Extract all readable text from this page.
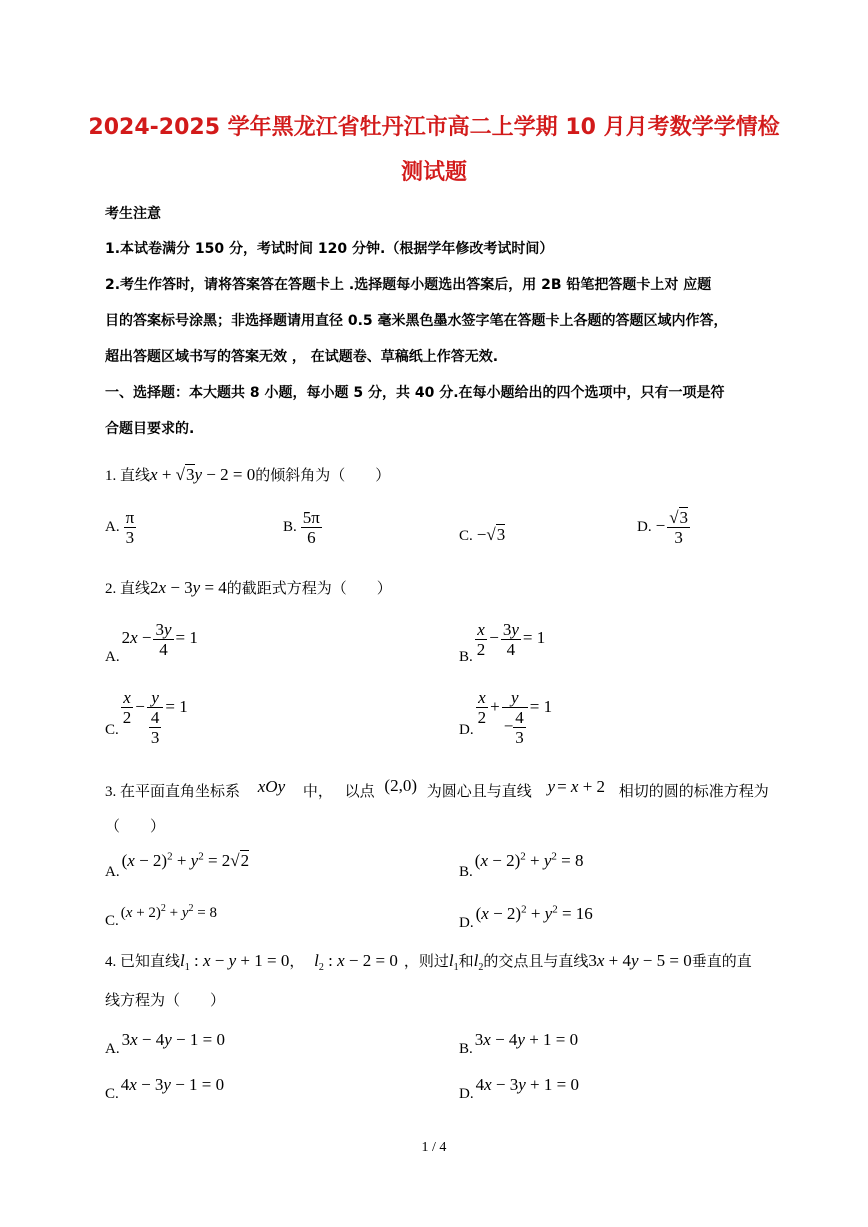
2024-2025 学年黑龙江省牡丹江市高二上学期 10 月月考数学学情检
测试题
考生注意
1.本试卷满分 150 分，考试时间 120 分钟.（根据学年修改考试时间）
2.考生作答时，请将答案答在答题卡上 .选择题每小题选出答案后，用 2B 铅笔把答题卡上对 应题
目的答案标号涂黑；非选择题请用直径 0.5 毫米黑色墨水签字笔在答题卡上各题的答题区域内作答，
超出答题区域书写的答案无效 ， 在试题卷、草稿纸上作答无效.
一、选择题：本大题共 8 小题，每小题 5 分，共 40 分.在每小题给出的四个选项中，只有一项是符
合题目要求的.
1. 直线x + √3y − 2 = 0的倾斜角为（　　）
A. $\frac{\pi}{3}$	B. $\frac{5\pi}{6}$	C. −√3	D. − $\frac{√3}{3}$
2. 直线2x − 3y = 4的截距式方程为（　　）
$A.2x - \frac{3y}{4} = 1$
B. $\frac{x}{2} - \frac{3y}{4} = 1$
C.
$\frac{x}{2} - \frac{y}{\frac{4}{3}} = 1$
D.
$\frac{x}{2} + \frac{y}{- \frac{4}{3}} = 1$
3. 在平面直角坐标系 xOy 中， 以点 (2,0) 为圆心且与直线 y = x + 2 相切的圆的标准方程为
（　　）
$A.(x - 2)^2 + y^2 = 2√2$
$B.(x - 2)^2 + y^2 = 8$
C. $(x + 2)^2 + y^2 = 8$
D. $(x - 2)^2 + y^2 = 16$
4. 已知直线$l_1$ : x − y + 1 = 0， $l_2$ : x − 2 = 0 ，则过$l_1$和$l_2$的交点且与直线3x + 4y − 5 = 0垂直的直
线方程为（　　）
A. 3x − 4y − 1 = 0	B. 3x − 4y + 1 = 0
C. 4x − 3y − 1 = 0	D. 4x − 3y + 1 = 0
1 / 4
